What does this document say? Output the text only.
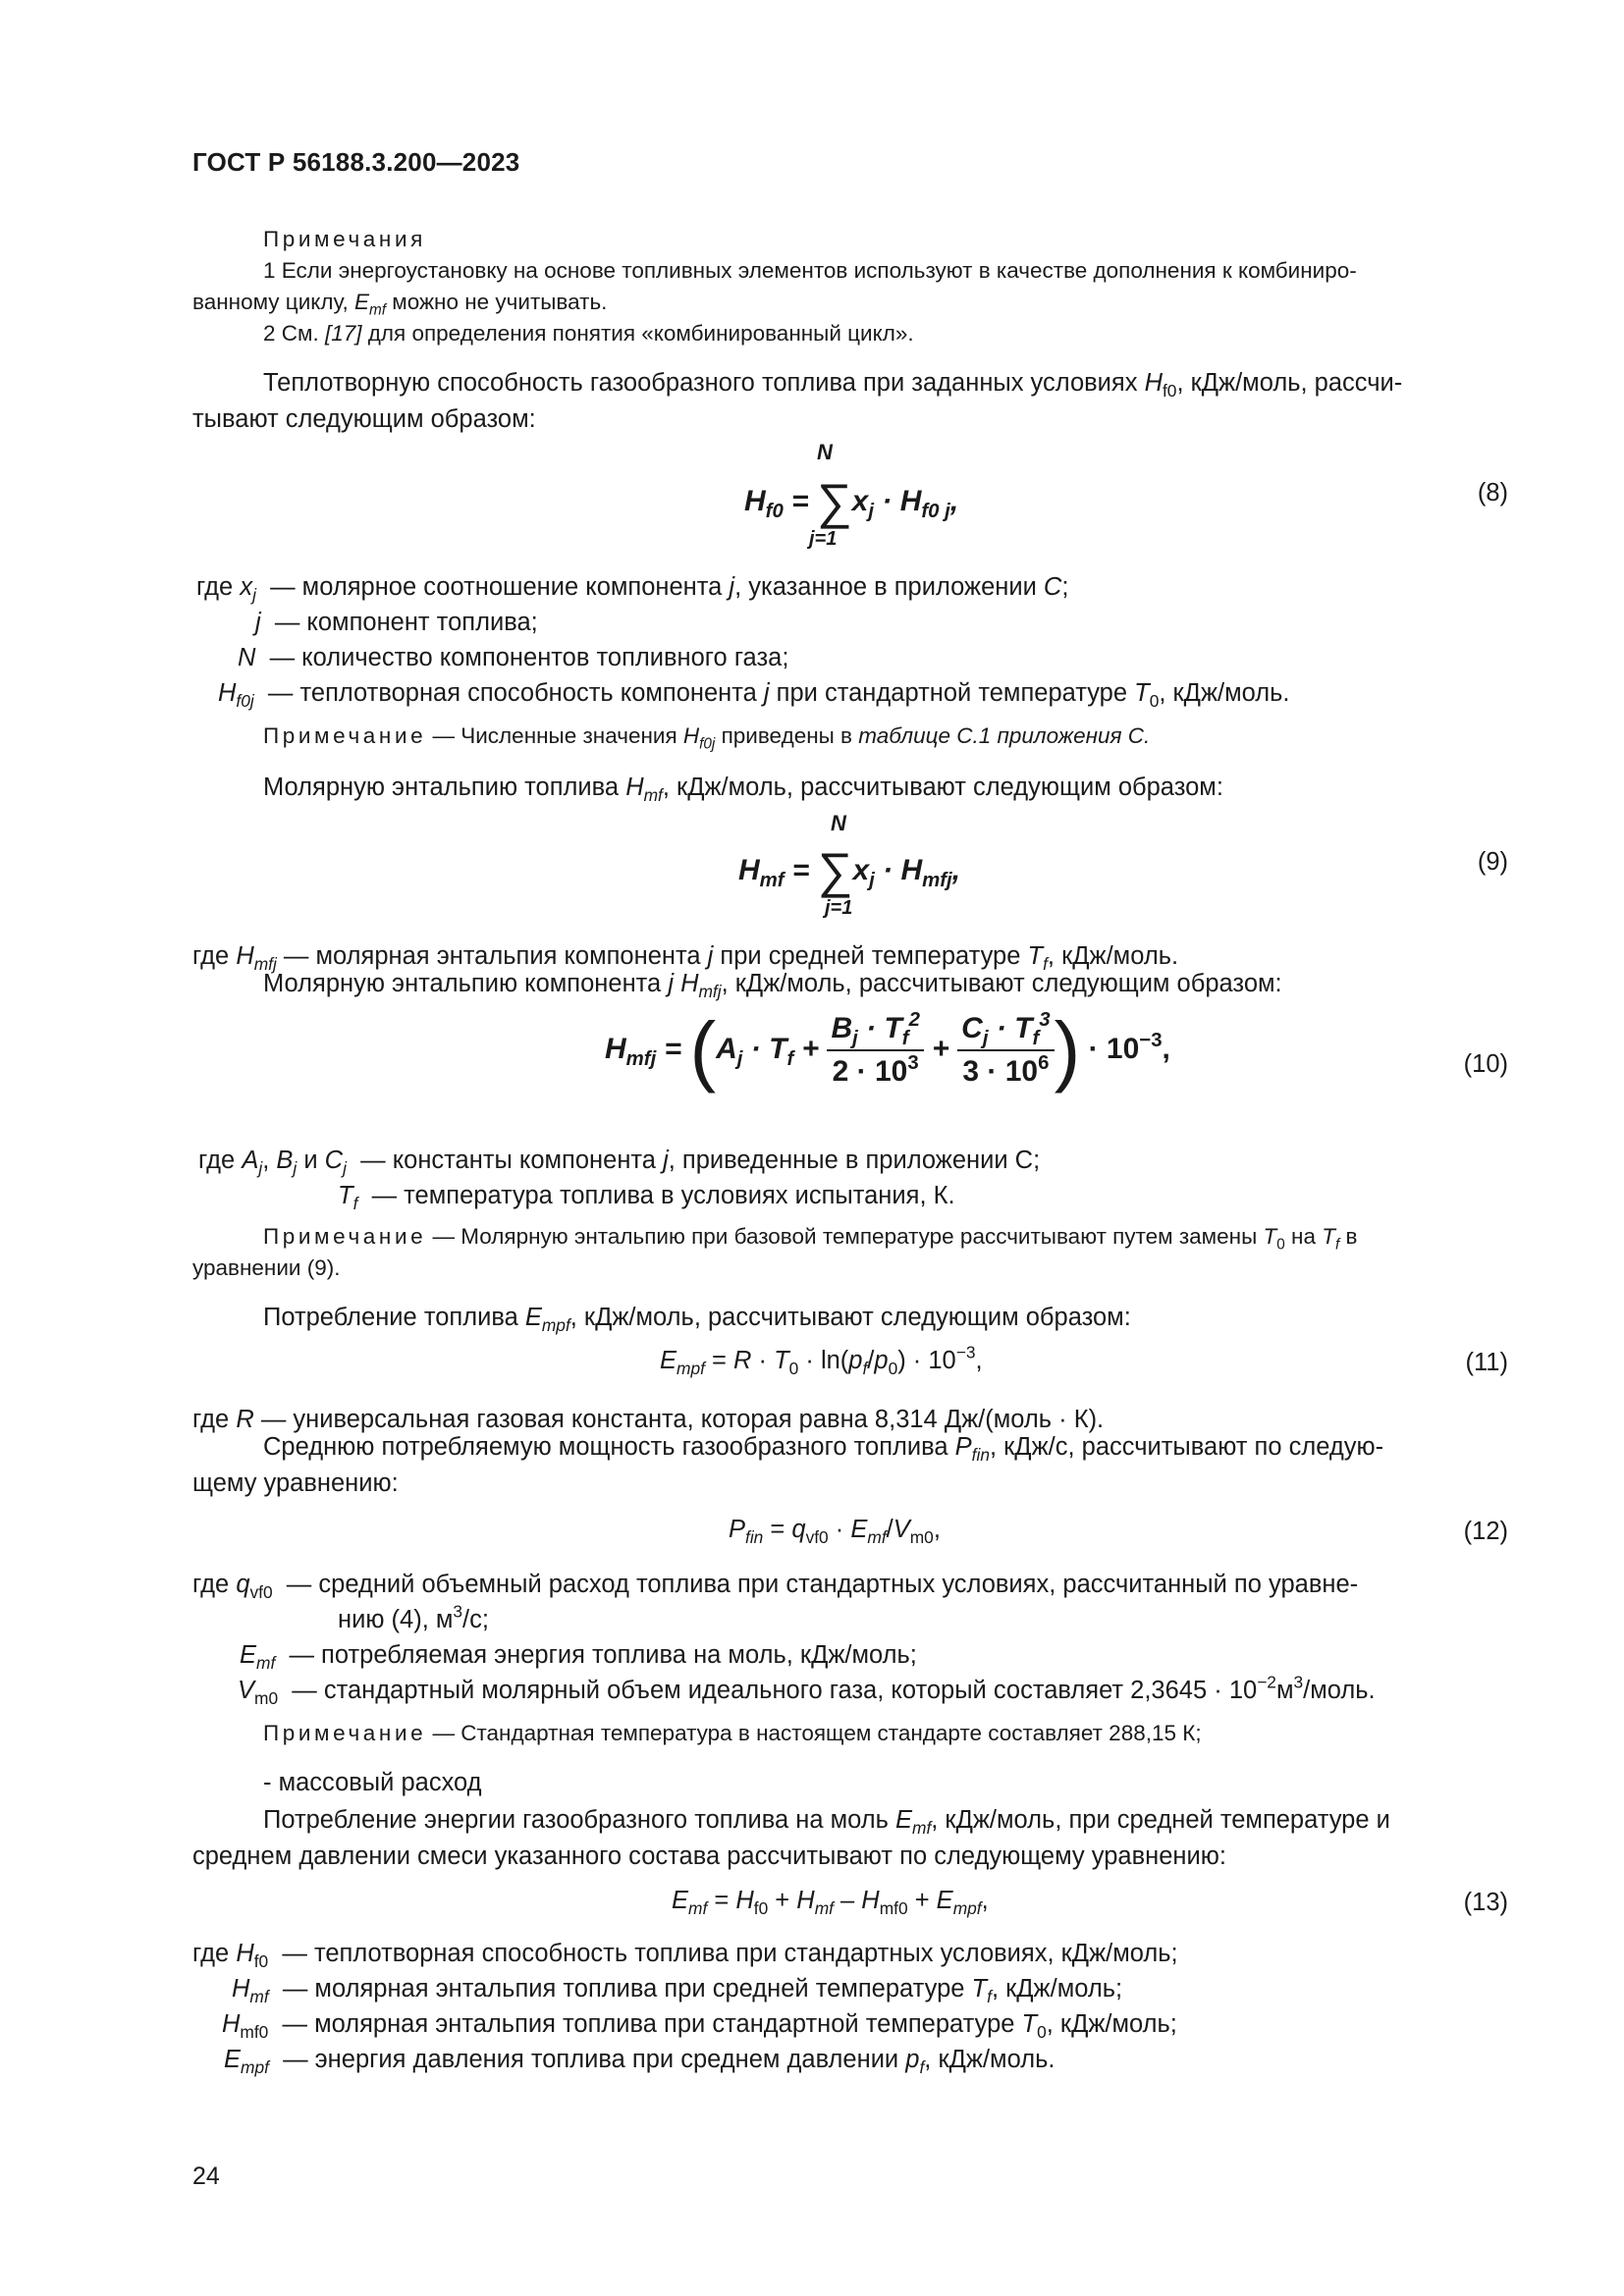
ГОСТ Р 56188.3.200—2023
Примечания
1 Если энергоустановку на основе топливных элементов используют в качестве дополнения к комбиниро-
ванному циклу, $E_{mf}$ можно не учитывать.
2 См. [17] для определения понятия «комбинированный цикл».
Теплотворную способность газообразного топлива при заданных условиях $H_{f0}$, кДж/моль, рассчи-
тывают следующим образом:
$H_{f0} = \sum x_j \cdot H_{f0 j}$,
N
j=1
(8)
где $x_j$ — молярное соотношение компонента j, указанное в приложении C;
j — компонент топлива;
N — количество компонентов топливного газа;
$H_{f0j}$ — теплотворная способность компонента j при стандартной температуре $T_0$, кДж/моль.
Примечание — Численные значения $H_{f0j}$ приведены в таблице С.1 приложения С.
Молярную энтальпию топлива $H_{mf}$, кДж/моль, рассчитывают следующим образом:
$H_{mf} = \sum x_j \cdot H_{mfj}$,
N
j=1
(9)
где $H_{mfj}$ — молярная энтальпия компонента j при средней температуре $T_f$, кДж/моль.
Молярную энтальпию компонента j $H_{mfj}$, кДж/моль, рассчитывают следующим образом:
$H_{mfj} = (A_j \cdot T_f + \frac{B_j \cdot T_f^2}{2 \cdot 10^3} + \frac{C_j \cdot T_f^3}{3 \cdot 10^6}$ ) · $10^{-3}$,	(10)
где $A_j$, $B_j$ и $C_j$  — константы компонента j, приведенные в приложении С;
$T_f$  — температура топлива в условиях испытания, К.
Примечание — Молярную энтальпию при базовой температуре рассчитывают путем замены $T_0$ на $T_f$ в
уравнении (9).
Потребление топлива $E_{mpf}$, кДж/моль, рассчитывают следующим образом:
$E_{mpf} = R \cdot T_0 \cdot \ln(p_f/p_0) \cdot 10^{-3}$,	(11)
где R — универсальная газовая константа, которая равна 8,314 Дж/(моль · К).
Среднюю потребляемую мощность газообразного топлива $P_{fin}$, кДж/с, рассчитывают по следую-
щему уравнению:
$P_{fin} = q_{vf0} \cdot E_{mf}/V_{m0}$,	(12)
где $q_{vf0}$ — средний объемный расход топлива при стандартных условиях, рассчитанный по уравне-
нию (4), $м^3/с$;
$E_{mf}$ — потребляемая энергия топлива на моль, кДж/моль;
$V_{m0}$ — стандартный молярный объем идеального газа, который составляет $2,3645 \cdot 10^{-2}м^3$/моль.
Примечание — Стандартная температура в настоящем стандарте составляет 288,15 К;
- массовый расход
Потребление энергии газообразного топлива на моль $E_{mf}$, кДж/моль, при средней температуре и
среднем давлении смеси указанного состава рассчитывают по следующему уравнению:
$E_{mf} = H_{f0} + H_{mf} - H_{mf0} + E_{mpf}$,	(13)
где $H_{f0}$ — теплотворная способность топлива при стандартных условиях, кДж/моль;
$H_{mf}$ — молярная энтальпия топлива при средней температуре $T_f$, кДж/моль;
$H_{mf0}$ — молярная энтальпия топлива при стандартной температуре $T_0$, кДж/моль;
$E_{mpf}$ — энергия давления топлива при среднем давлении $p_f$, кДж/моль.
24
